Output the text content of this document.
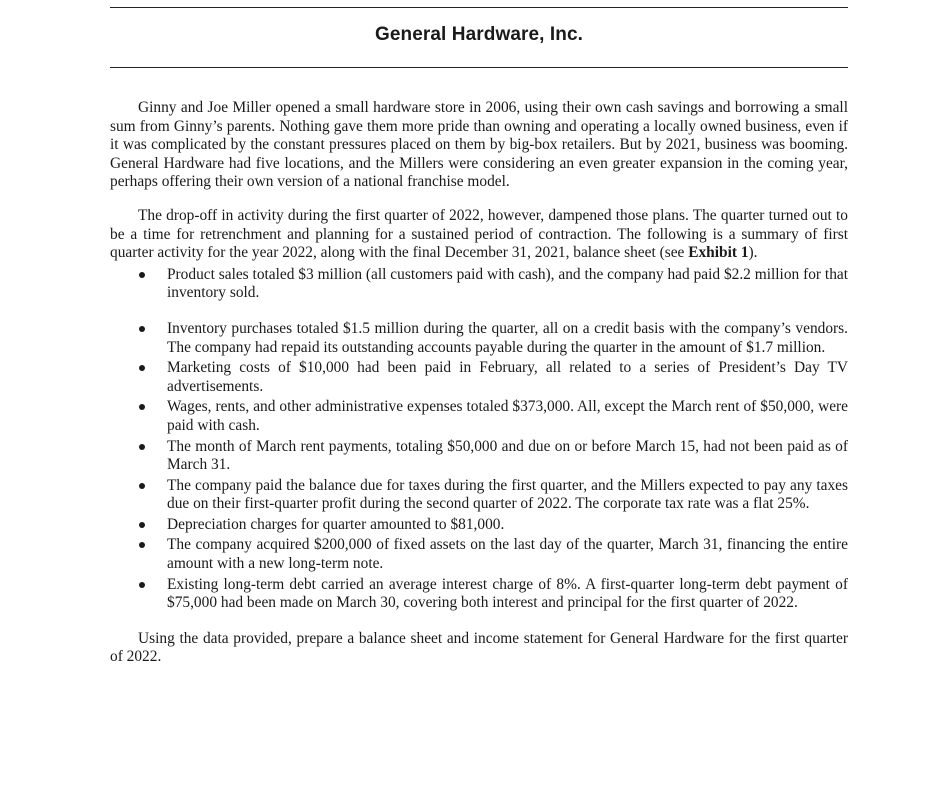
General Hardware, Inc.

Ginny and Joe Miller opened a small hardware store in 2006, using their own cash savings and borrowing a small sum from Ginny’s parents. Nothing gave them more pride than owning and operating a locally owned business, even if it was complicated by the constant pressures placed on them by big-box retailers. But by 2021, business was booming. General Hardware had five locations, and the Millers were considering an even greater expansion in the coming year, perhaps offering their own version of a national franchise model.

The drop-off in activity during the first quarter of 2022, however, dampened those plans. The quarter turned out to be a time for retrenchment and planning for a sustained period of contraction. The following is a summary of first quarter activity for the year 2022, along with the final December 31, 2021, balance sheet (see Exhibit 1).

Product sales totaled $3 million (all customers paid with cash), and the company had paid $2.2 million for that inventory sold.
Inventory purchases totaled $1.5 million during the quarter, all on a credit basis with the company’s vendors. The company had repaid its outstanding accounts payable during the quarter in the amount of $1.7 million.
Marketing costs of $10,000 had been paid in February, all related to a series of President’s Day TV advertisements.
Wages, rents, and other administrative expenses totaled $373,000. All, except the March rent of $50,000, were paid with cash.
The month of March rent payments, totaling $50,000 and due on or before March 15, had not been paid as of March 31.
The company paid the balance due for taxes during the first quarter, and the Millers expected to pay any taxes due on their first-quarter profit during the second quarter of 2022. The corporate tax rate was a flat 25%.
Depreciation charges for quarter amounted to $81,000.
The company acquired $200,000 of fixed assets on the last day of the quarter, March 31, financing the entire amount with a new long-term note.
Existing long-term debt carried an average interest charge of 8%. A first-quarter long-term debt payment of $75,000 had been made on March 30, covering both interest and principal for the first quarter of 2022.

Using the data provided, prepare a balance sheet and income statement for General Hardware for the first quarter of 2022.
